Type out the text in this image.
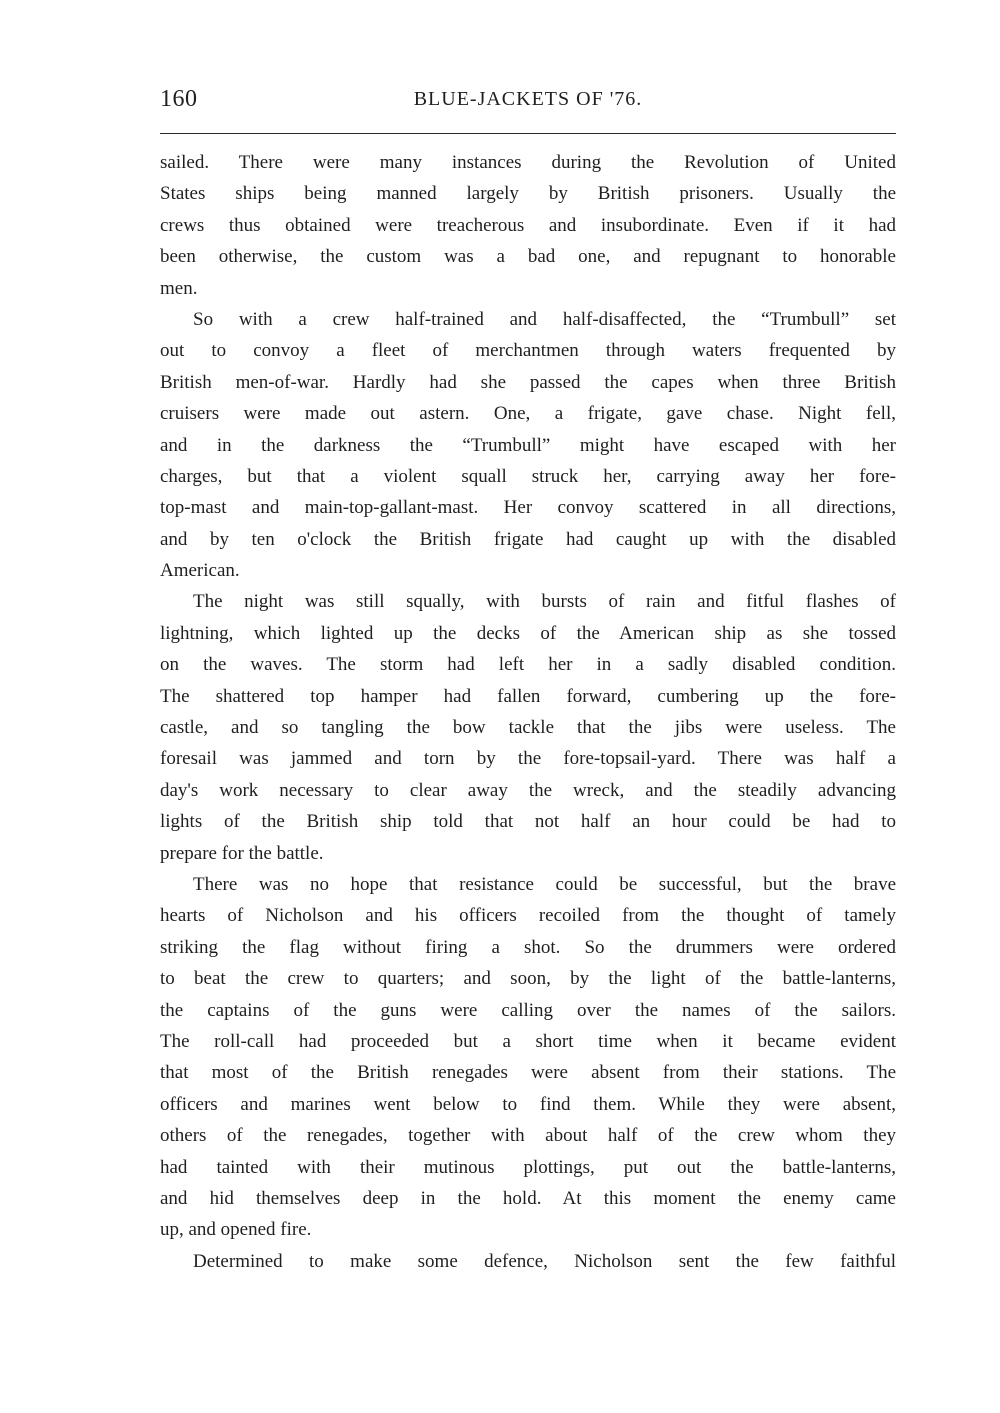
160	BLUE-JACKETS OF '76.
sailed. There were many instances during the Revolution of United
States ships being manned largely by British prisoners. Usually the
crews thus obtained were treacherous and insubordinate. Even if it had
been otherwise, the custom was a bad one, and repugnant to honorable
men.
So with a crew half-trained and half-disaffected, the “Trumbull” set
out to convoy a fleet of merchantmen through waters frequented by
British men-of-war. Hardly had she passed the capes when three British
cruisers were made out astern. One, a frigate, gave chase. Night fell,
and in the darkness the “Trumbull” might have escaped with her
charges, but that a violent squall struck her, carrying away her fore-
top-mast and main-top-gallant-mast. Her convoy scattered in all directions,
and by ten o'clock the British frigate had caught up with the disabled
American.
The night was still squally, with bursts of rain and fitful flashes of
lightning, which lighted up the decks of the American ship as she tossed
on the waves. The storm had left her in a sadly disabled condition.
The shattered top hamper had fallen forward, cumbering up the fore-
castle, and so tangling the bow tackle that the jibs were useless. The
foresail was jammed and torn by the fore-topsail-yard. There was half a
day's work necessary to clear away the wreck, and the steadily advancing
lights of the British ship told that not half an hour could be had to
prepare for the battle.
There was no hope that resistance could be successful, but the brave
hearts of Nicholson and his officers recoiled from the thought of tamely
striking the flag without firing a shot. So the drummers were ordered
to beat the crew to quarters; and soon, by the light of the battle-lanterns,
the captains of the guns were calling over the names of the sailors.
The roll-call had proceeded but a short time when it became evident
that most of the British renegades were absent from their stations. The
officers and marines went below to find them. While they were absent,
others of the renegades, together with about half of the crew whom they
had tainted with their mutinous plottings, put out the battle-lanterns,
and hid themselves deep in the hold. At this moment the enemy came
up, and opened fire.
Determined to make some defence, Nicholson sent the few faithful
